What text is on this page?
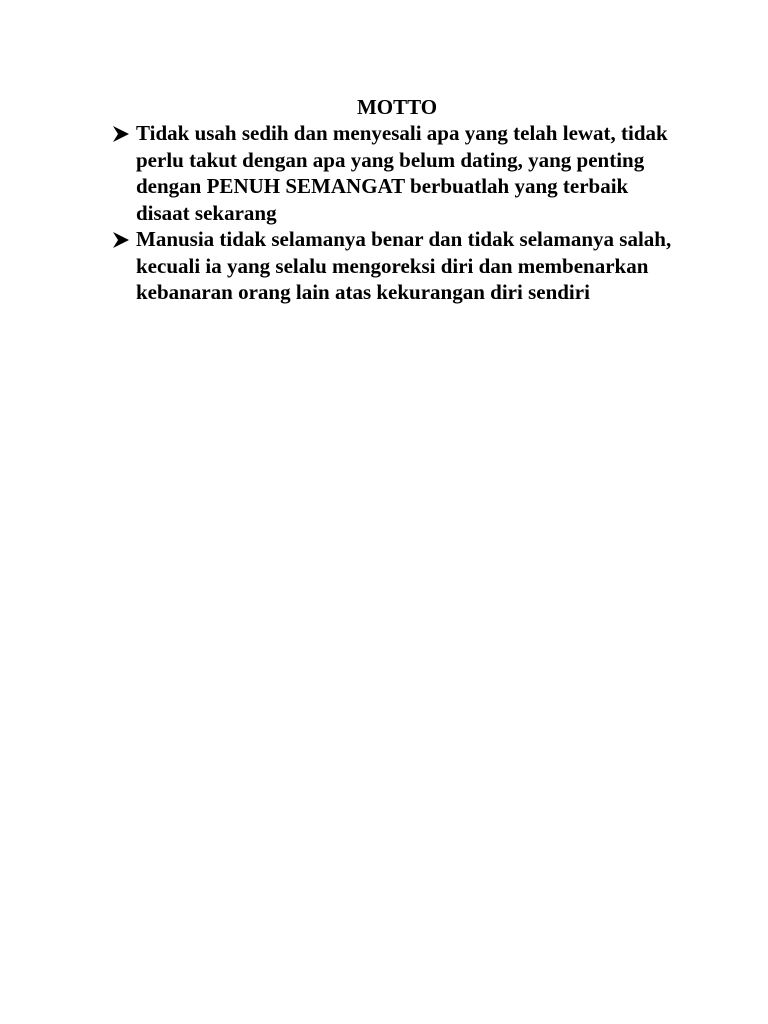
MOTTO
Tidak usah sedih dan menyesali apa yang telah lewat, tidak perlu takut dengan apa yang belum dating, yang penting dengan PENUH SEMANGAT berbuatlah yang terbaik disaat sekarang
Manusia tidak selamanya benar dan tidak selamanya salah, kecuali ia yang selalu mengoreksi diri dan membenarkan kebanaran orang lain atas kekurangan diri sendiri
